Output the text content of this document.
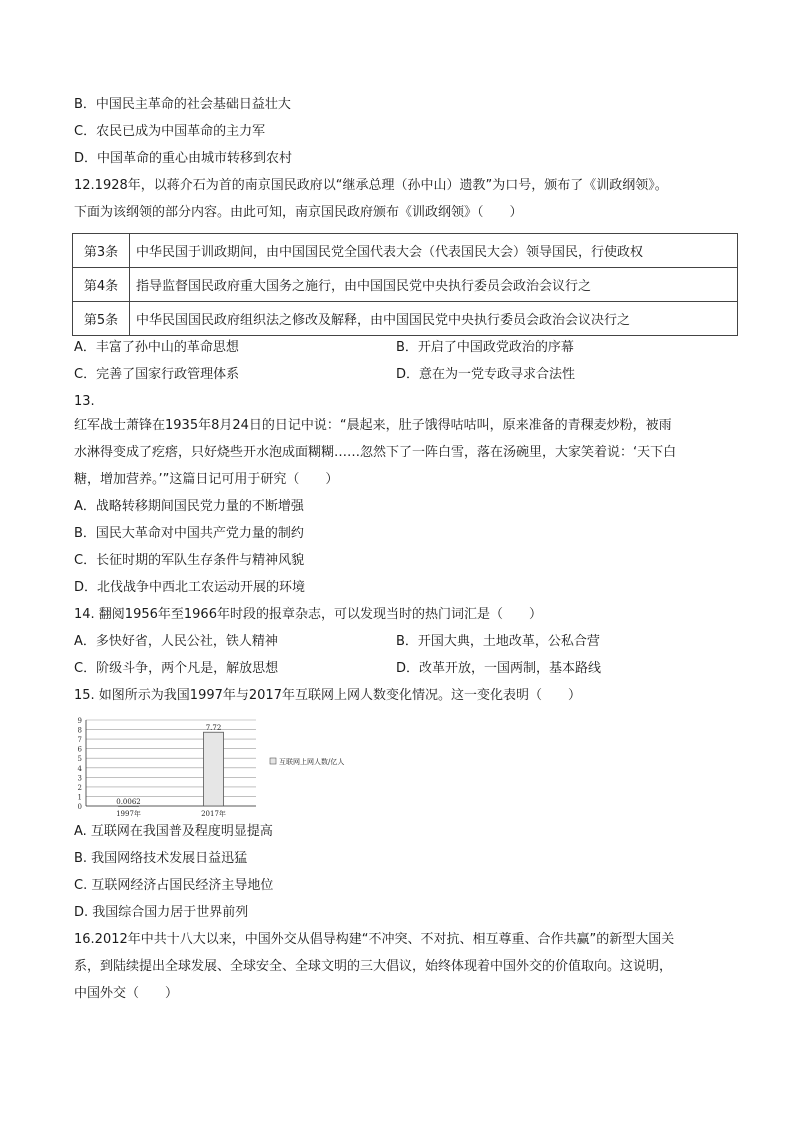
B．中国民主革命的社会基础日益壮大
C．农民已成为中国革命的主力军
D．中国革命的重心由城市转移到农村
12.1928年，以蒋介石为首的南京国民政府以“继承总理（孙中山）遗教”为口号，颁布了《训政纲领》。
下面为该纲领的部分内容。由此可知，南京国民政府颁布《训政纲领》（　　）
第3条	中华民国于训政期间，由中国国民党全国代表大会（代表国民大会）领导国民，行使政权
第4条	指导监督国民政府重大国务之施行，由中国国民党中央执行委员会政治会议行之
第5条	中华民国国民政府组织法之修改及解释，由中国国民党中央执行委员会政治会议决行之
A．丰富了孙中山的革命思想	B．开启了中国政党政治的序幕
C．完善了国家行政管理体系	D．意在为一党专政寻求合法性
13.
红军战士萧锋在1935年8月24日的日记中说：“晨起来，肚子饿得咕咕叫，原来准备的青稞麦炒粉，被雨
水淋得变成了疙瘩，只好烧些开水泡成面糊糊……忽然下了一阵白雪，落在汤碗里，大家笑着说：‘天下白
糖，增加营养。’”这篇日记可用于研究（　　）
A．战略转移期间国民党力量的不断增强
B．国民大革命对中国共产党力量的制约
C．长征时期的军队生存条件与精神风貌
D．北伐战争中西北工农运动开展的环境
14. 翻阅1956年至1966年时段的报章杂志，可以发现当时的热门词汇是（　　）
A．多快好省，人民公社，铁人精神	B．开国大典，土地改革，公私合营
C．阶级斗争，两个凡是，解放思想	D．改革开放，一国两制，基本路线
15. 如图所示为我国1997年与2017年互联网上网人数变化情况。这一变化表明（　　）
0
1
2
3
4
5
6
7
8
9
0.0062
7.72
1997年	2017年
互联网上网人数/亿人
A. 互联网在我国普及程度明显提高
B. 我国网络技术发展日益迅猛
C. 互联网经济占国民经济主导地位
D. 我国综合国力居于世界前列
16.2012年中共十八大以来，中国外交从倡导构建“不冲突、不对抗、相互尊重、合作共赢”的新型大国关
系，到陆续提出全球发展、全球安全、全球文明的三大倡议，始终体现着中国外交的价值取向。这说明，
中国外交（　　）
